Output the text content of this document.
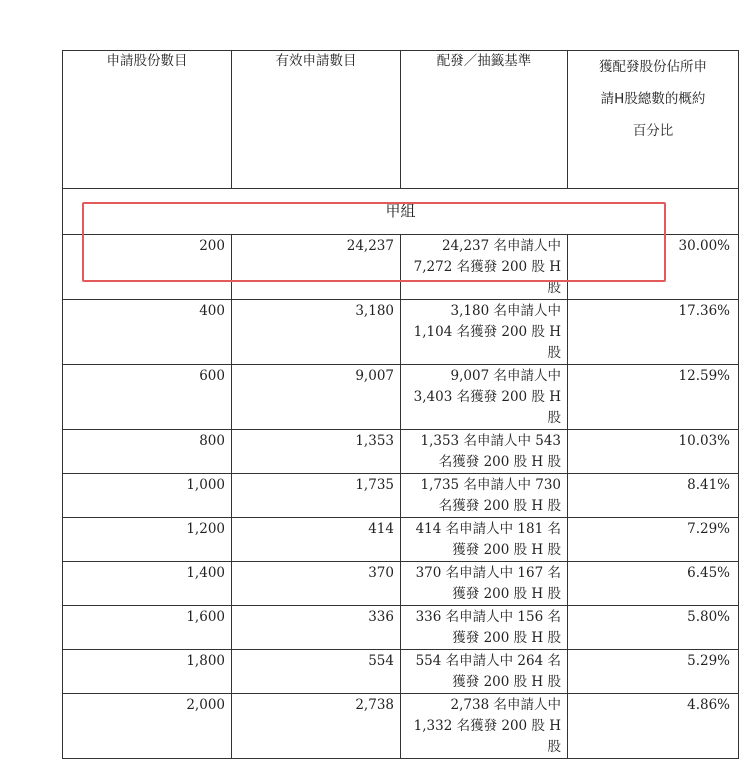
申請股份數目	有效申請數目	配發／抽籤基準	獲配發股份佔所申
請H股總數的概約
百分比

甲組			
200	24,237	24,237 名申請人中 7,272 名獲發 200 股 H 股	30.00%
400	3,180	3,180 名申請人中 1,104 名獲發 200 股 H 股	17.36%
600	9,007	9,007 名申請人中 3,403 名獲發 200 股 H 股	12.59%
800	1,353	1,353 名申請人中 543 名獲發 200 股 H 股	10.03%
1,000	1,735	1,735 名申請人中 730 名獲發 200 股 H 股	8.41%
1,200	414	414 名申請人中 181 名獲發 200 股 H 股	7.29%
1,400	370	370 名申請人中 167 名獲發 200 股 H 股	6.45%
1,600	336	336 名申請人中 156 名獲發 200 股 H 股	5.80%
1,800	554	554 名申請人中 264 名獲發 200 股 H 股	5.29%
2,000	2,738	2,738 名申請人中 1,332 名獲發 200 股 H 股	4.86%
